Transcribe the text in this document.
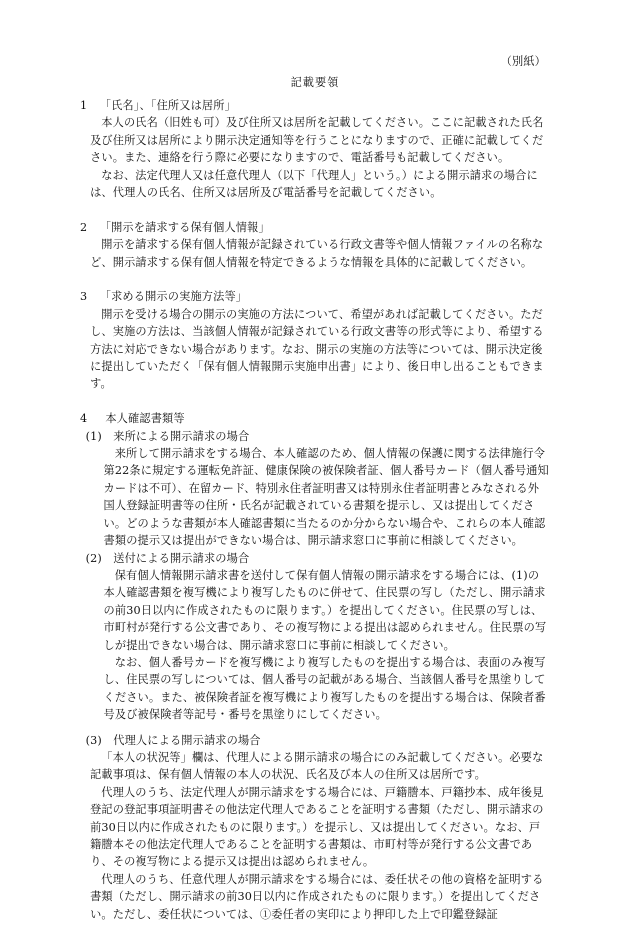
（別紙）
記載要領
1　 「氏名」、「住所又は居所」
本人の氏名（旧姓も可）及び住所又は居所を記載してください。ここに記載された氏名及び住所又は居所により開示決定通知等を行うことになりますので、正確に記載してください。また、連絡を行う際に必要になりますので、電話番号も記載してください。
なお、法定代理人又は任意代理人（以下「代理人」という。）による開示請求の場合には、代理人の氏名、住所又は居所及び電話番号を記載してください。
2　 「開示を請求する保有個人情報」
開示を請求する保有個人情報が記録されている行政文書等や個人情報ファイルの名称など、開示請求する保有個人情報を特定できるような情報を具体的に記載してください。
3　 「求める開示の実施方法等」
開示を受ける場合の開示の実施の方法について、希望があれば記載してください。ただし、実施の方法は、当該個人情報が記録されている行政文書等の形式等により、希望する方法に対応できない場合があります。なお、開示の実施の方法等については、開示決定後に提出していただく「保有個人情報開示実施申出書」により、後日申し出ることもできます。
4　 本人確認書類等
(1)　 来所による開示請求の場合
来所して開示請求をする場合、本人確認のため、個人情報の保護に関する法律施行令第22条に規定する運転免許証、健康保険の被保険者証、個人番号カード（個人番号通知カードは不可）、在留カード、特別永住者証明書又は特別永住者証明書とみなされる外国人登録証明書等の住所・氏名が記載されている書類を提示し、又は提出してください。どのような書類が本人確認書類に当たるのか分からない場合や、これらの本人確認書類の提示又は提出ができない場合は、開示請求窓口に事前に相談してください。
(2)　 送付による開示請求の場合
保有個人情報開示請求書を送付して保有個人情報の開示請求をする場合には、(1)の本人確認書類を複写機により複写したものに併せて、住民票の写し（ただし、開示請求の前30日以内に作成されたものに限ります。）を提出してください。住民票の写しは、市町村が発行する公文書であり、その複写物による提出は認められません。住民票の写しが提出できない場合は、開示請求窓口に事前に相談してください。
なお、個人番号カードを複写機により複写したものを提出する場合は、表面のみ複写し、住民票の写しについては、個人番号の記載がある場合、当該個人番号を黒塗りしてください。また、被保険者証を複写機により複写したものを提出する場合は、保険者番号及び被保険者等記号・番号を黒塗りにしてください。
(3)　 代理人による開示請求の場合
「本人の状況等」欄は、代理人による開示請求の場合にのみ記載してください。必要な記載事項は、保有個人情報の本人の状況、氏名及び本人の住所又は居所です。
代理人のうち、法定代理人が開示請求をする場合には、戸籍謄本、戸籍抄本、成年後見登記の登記事項証明書その他法定代理人であることを証明する書類（ただし、開示請求の前30日以内に作成されたものに限ります。）を提示し、又は提出してください。なお、戸籍謄本その他法定代理人であることを証明する書類は、市町村等が発行する公文書であり、その複写物による提示又は提出は認められません。
代理人のうち、任意代理人が開示請求をする場合には、委任状その他の資格を証明する書類（ただし、開示請求の前30日以内に作成されたものに限ります。）を提出してください。ただし、委任状については、①委任者の実印により押印した上で印鑑登録証
